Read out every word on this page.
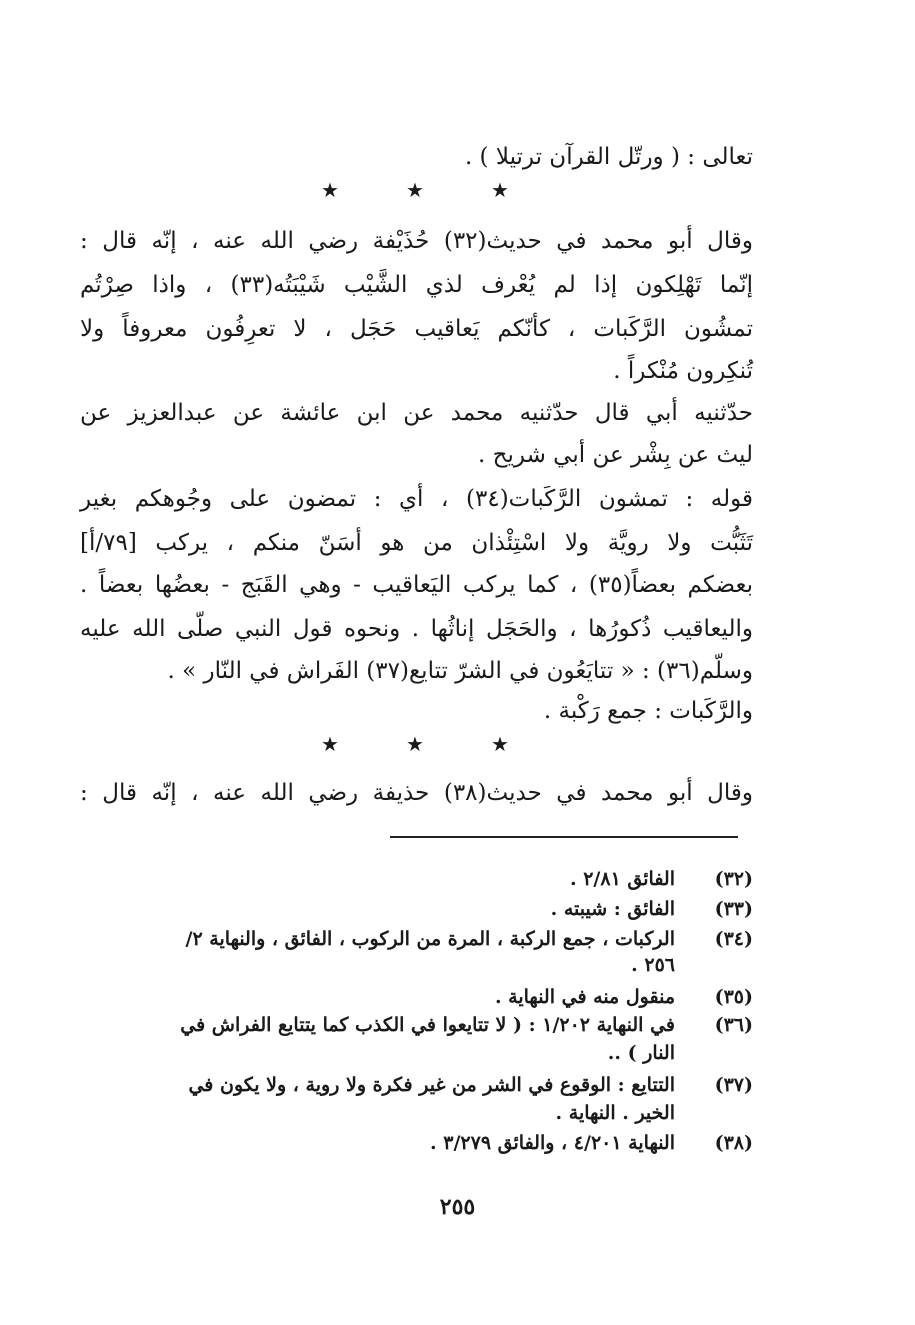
تعالى : ( ورتّل القرآن ترتيلا ) .
★	★	★
وقال أبو محمد في حديث(٣٢) حُذَيْفة رضي الله عنه ، إنّه قال :
إنّما تَهْلِكون إذا لم يُعْرف لذي الشَّيْب شَيْبَتُه(٣٣) ، واذا صِرْتُم
تمشُون الرَّكَبات ، كأنّكم يَعاقيب حَجَل ، لا تعرِفُون معروفاً ولا
تُنكِرون مُنْكراً .
حدّثنيه أبي قال حدّثنيه محمد عن ابن عائشة عن عبدالعزيز عن
ليث عن بِشْر عن أبي شريح .
قوله : تمشون الرَّكَبات(٣٤) ، أي : تمضون على وجُوهكم بغير
تَثَبُّت ولا رويَّة ولا اسْتِئْذان من هو أسَنّ منكم ، يركب [٧٩/أ]
بعضكم بعضاً(٣٥) ، كما يركب اليَعاقيب - وهي القَبَج - بعضُها بعضاً .
واليعاقيب ذُكورُها ، والحَجَل إناثُها . ونحوه قول النبي صلّى الله عليه
وسلّم(٣٦) : « تتايَعُون في الشرّ تتايع(٣٧) الفَراش في النّار » .
والرَّكَبات : جمع رَكْبة .
★	★	★
وقال أبو محمد في حديث(٣٨) حذيفة رضي الله عنه ، إنّه قال :
(٣٢)
الفائق ٢/٨١ .
(٣٣)
الفائق : شيبته .
(٣٤)
الركبات ، جمع الركبة ، المرة من الركوب ، الفائق ، والنهاية ٢/
٢٥٦ .
(٣٥)
منقول منه في النهاية .
(٣٦)
في النهاية ١/٢٠٢ : ( لا تتايعوا في الكذب كما يتتايع الفراش في
النار ) ..
(٣٧)
التتايع : الوقوع في الشر من غير فكرة ولا روية ، ولا يكون في
الخير . النهاية .
(٣٨)
النهاية ٤/٢٠١ ، والفائق ٣/٢٧٩ .
٢٥٥
